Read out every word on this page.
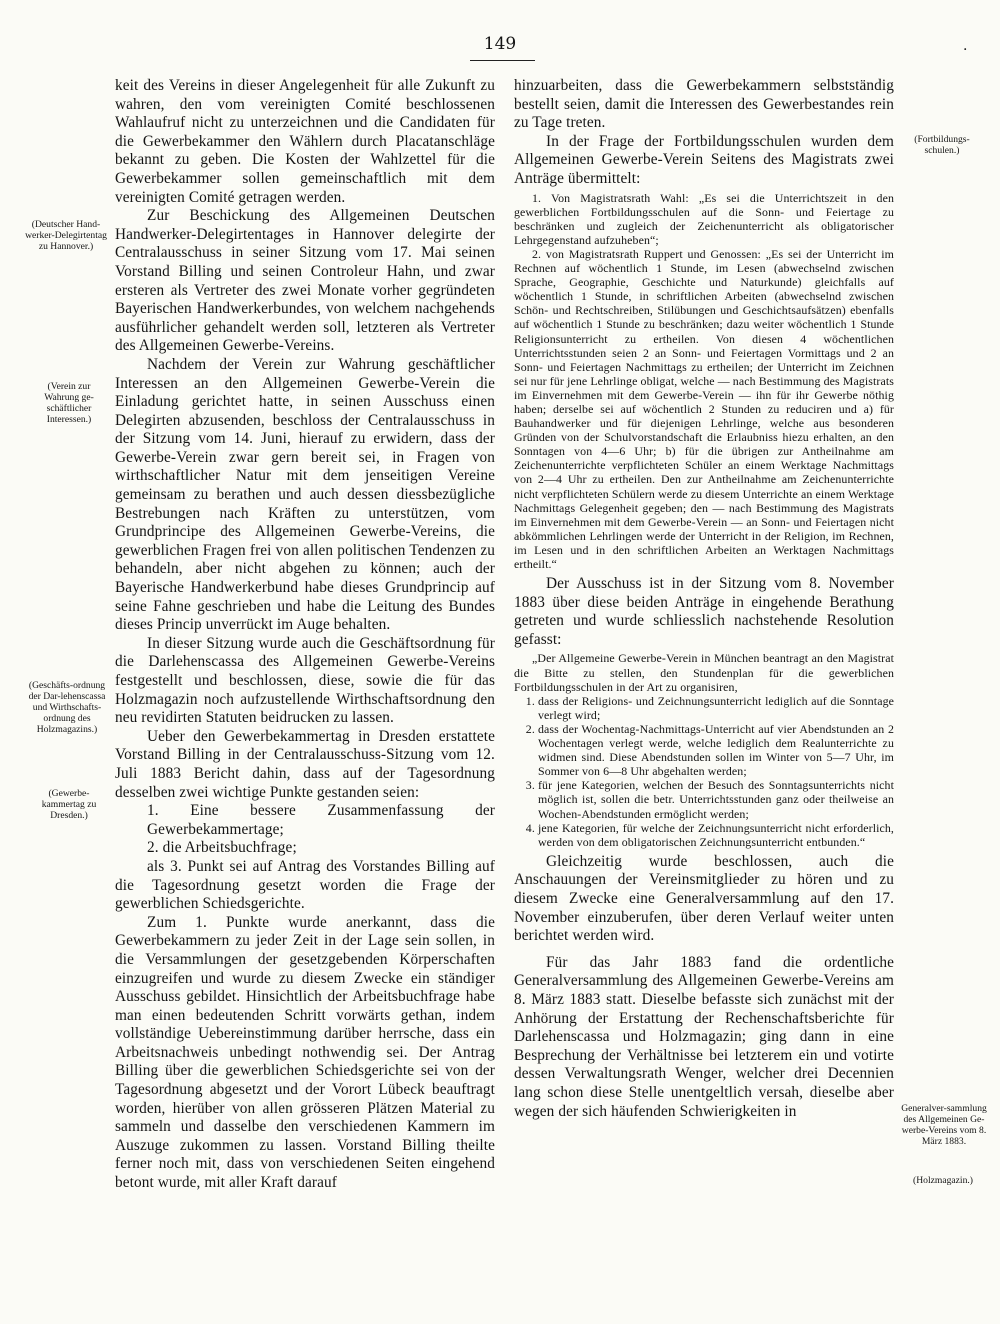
149	·
(Deutscher Hand-werker-Delegirtentag zu Hannover.)
(Verein zur Wahrung ge-schäftlicher Interessen.)
(Geschäfts-ordnung der Dar-lehenscassa und Wirthschafts-ordnung des Holzmagazins.)
(Gewerbe-kammertag zu Dresden.)
(Fortbildungs-schulen.)
Generalver-sammlung des Allgemeinen Ge-werbe-Vereins vom 8. März 1883.
(Holzmagazin.)

keit des Vereins in dieser Angelegenheit für alle Zukunft zu wahren, den vom vereinigten Comité beschlossenen Wahlaufruf nicht zu unterzeichnen und die Candidaten für die Gewerbekammer den Wählern durch Placatanschläge bekannt zu geben. Die Kosten der Wahlzettel für die Gewerbekammer sollen gemeinschaftlich mit dem vereinigten Comité getragen werden.

Zur Beschickung des Allgemeinen Deutschen Handwerker-Delegirtentages in Hannover delegirte der Centralausschuss in seiner Sitzung vom 17. Mai seinen Vorstand Billing und seinen Controleur Hahn, und zwar ersteren als Vertreter des zwei Monate vorher gegründeten Bayerischen Handwerkerbundes, von welchem nachgehends ausführlicher gehandelt werden soll, letzteren als Vertreter des Allgemeinen Gewerbe-Vereins.

Nachdem der Verein zur Wahrung geschäftlicher Interessen an den Allgemeinen Gewerbe-Verein die Einladung gerichtet hatte, in seinen Ausschuss einen Delegirten abzusenden, beschloss der Centralausschuss in der Sitzung vom 14. Juni, hierauf zu erwidern, dass der Gewerbe-Verein zwar gern bereit sei, in Fragen von wirthschaftlicher Natur mit dem jenseitigen Vereine gemeinsam zu berathen und auch dessen diessbezügliche Bestrebungen nach Kräften zu unterstützen, vom Grundprincipe des Allgemeinen Gewerbe-Vereins, die gewerblichen Fragen frei von allen politischen Tendenzen zu behandeln, aber nicht abgehen zu können; auch der Bayerische Handwerkerbund habe dieses Grundprincip auf seine Fahne geschrieben und habe die Leitung des Bundes dieses Princip unverrückt im Auge behalten.

In dieser Sitzung wurde auch die Geschäftsordnung für die Darlehenscassa des Allgemeinen Gewerbe-Vereins festgestellt und beschlossen, diese, sowie die für das Holzmagazin noch aufzustellende Wirthschaftsordnung den neu revidirten Statuten beidrucken zu lassen.

Ueber den Gewerbekammertag in Dresden erstattete Vorstand Billing in der Centralausschuss-Sitzung vom 12. Juli 1883 Bericht dahin, dass auf der Tagesordnung desselben zwei wichtige Punkte gestanden seien:

1. Eine bessere Zusammenfassung der Gewerbekammertage;

2. die Arbeitsbuchfrage;

als 3. Punkt sei auf Antrag des Vorstandes Billing auf die Tagesordnung gesetzt worden die Frage der gewerblichen Schiedsgerichte.

Zum 1. Punkte wurde anerkannt, dass die Gewerbekammern zu jeder Zeit in der Lage sein sollen, in die Versammlungen der gesetzgebenden Körperschaften einzugreifen und wurde zu diesem Zwecke ein ständiger Ausschuss gebildet. Hinsichtlich der Arbeitsbuchfrage habe man einen bedeutenden Schritt vorwärts gethan, indem vollständige Uebereinstimmung darüber herrsche, dass ein Arbeitsnachweis unbedingt nothwendig sei. Der Antrag Billing über die gewerblichen Schiedsgerichte sei von der Tagesordnung abgesetzt und der Vorort Lübeck beauftragt worden, hierüber von allen grösseren Plätzen Material zu sammeln und dasselbe den verschiedenen Kammern im Auszuge zukommen zu lassen. Vorstand Billing theilte ferner noch mit, dass von verschiedenen Seiten eingehend betont wurde, mit aller Kraft darauf

hinzuarbeiten, dass die Gewerbekammern selbstständig bestellt seien, damit die Interessen des Gewerbestandes rein zu Tage treten.

In der Frage der Fortbildungsschulen wurden dem Allgemeinen Gewerbe-Verein Seitens des Magistrats zwei Anträge übermittelt:

1. Von Magistratsrath Wahl: „Es sei die Unterrichtszeit in den gewerblichen Fortbildungsschulen auf die Sonn- und Feiertage zu beschränken und zugleich der Zeichenunterricht als obligatorischer Lehrgegenstand aufzuheben“;

2. von Magistratsrath Ruppert und Genossen: „Es sei der Unterricht im Rechnen auf wöchentlich 1 Stunde, im Lesen (abwechselnd zwischen Sprache, Geographie, Geschichte und Naturkunde) gleichfalls auf wöchentlich 1 Stunde, in schriftlichen Arbeiten (abwechselnd zwischen Schön- und Rechtschreiben, Stilübungen und Geschichtsaufsätzen) ebenfalls auf wöchentlich 1 Stunde zu beschränken; dazu weiter wöchentlich 1 Stunde Religionsunterricht zu ertheilen. Von diesen 4 wöchentlichen Unterrichtsstunden seien 2 an Sonn- und Feiertagen Vormittags und 2 an Sonn- und Feiertagen Nachmittags zu ertheilen; der Unterricht im Zeichnen sei nur für jene Lehrlinge obligat, welche — nach Bestimmung des Magistrats im Einvernehmen mit dem Gewerbe-Verein — ihn für ihr Gewerbe nöthig haben; derselbe sei auf wöchentlich 2 Stunden zu reduciren und a) für Bauhandwerker und für diejenigen Lehrlinge, welche aus besonderen Gründen von der Schulvorstandschaft die Erlaubniss hiezu erhalten, an den Sonntagen von 4—6 Uhr; b) für die übrigen zur Antheilnahme am Zeichenunterrichte verpflichteten Schüler an einem Werktage Nachmittags von 2—4 Uhr zu ertheilen. Den zur Antheilnahme am Zeichenunterrichte nicht verpflichteten Schülern werde zu diesem Unterrichte an einem Werktage Nachmittags Gelegenheit gegeben; den — nach Bestimmung des Magistrats im Einvernehmen mit dem Gewerbe-Verein — an Sonn- und Feiertagen nicht abkömmlichen Lehrlingen werde der Unterricht in der Religion, im Rechnen, im Lesen und in den schriftlichen Arbeiten an Werktagen Nachmittags ertheilt.“

Der Ausschuss ist in der Sitzung vom 8. November 1883 über diese beiden Anträge in eingehende Berathung getreten und wurde schliesslich nachstehende Resolution gefasst:

„Der Allgemeine Gewerbe-Verein in München beantragt an den Magistrat die Bitte zu stellen, den Stundenplan für die gewerblichen Fortbildungsschulen in der Art zu organisiren,

1. dass der Religions- und Zeichnungsunterricht lediglich auf die Sonntage verlegt wird;
2. dass der Wochentag-Nachmittags-Unterricht auf vier Abendstunden an 2 Wochentagen verlegt werde, welche lediglich dem Realunterrichte zu widmen sind. Diese Abendstunden sollen im Winter von 5—7 Uhr, im Sommer von 6—8 Uhr abgehalten werden;
3. für jene Kategorien, welchen der Besuch des Sonntagsunterrichts nicht möglich ist, sollen die betr. Unterrichtsstunden ganz oder theilweise an Wochen-Abendstunden ermöglicht werden;
4. jene Kategorien, für welche der Zeichnungsunterricht nicht erforderlich, werden von dem obligatorischen Zeichnungsunterricht entbunden.“

Gleichzeitig wurde beschlossen, auch die Anschauungen der Vereinsmitglieder zu hören und zu diesem Zwecke eine Generalversammlung auf den 17. November einzuberufen, über deren Verlauf weiter unten berichtet werden wird.

Für das Jahr 1883 fand die ordentliche Generalversammlung des Allgemeinen Gewerbe-Vereins am 8. März 1883 statt. Dieselbe befasste sich zunächst mit der Anhörung der Erstattung der Rechenschaftsberichte für Darlehenscassa und Holzmagazin; ging dann in eine Besprechung der Verhältnisse bei letzterem ein und votirte dessen Verwaltungsrath Wenger, welcher drei Decennien lang schon diese Stelle unentgeltlich versah, dieselbe aber wegen der sich häufenden Schwierigkeiten in
